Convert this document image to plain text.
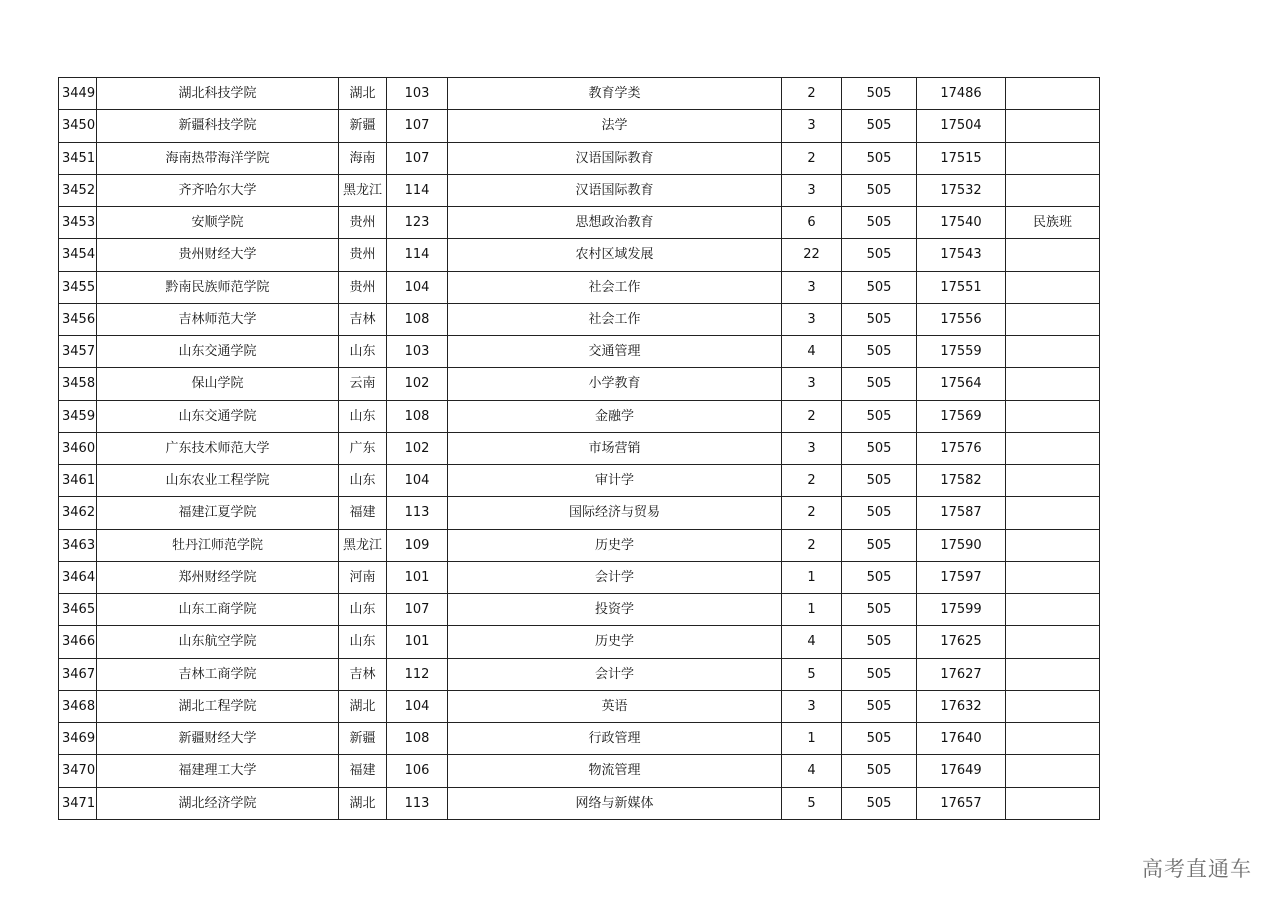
3449	湖北科技学院	湖北	103	教育学类	2	505	17486	
3450	新疆科技学院	新疆	107	法学	3	505	17504	
3451	海南热带海洋学院	海南	107	汉语国际教育	2	505	17515	
3452	齐齐哈尔大学	黑龙江	114	汉语国际教育	3	505	17532	
3453	安顺学院	贵州	123	思想政治教育	6	505	17540	民族班
3454	贵州财经大学	贵州	114	农村区域发展	22	505	17543	
3455	黔南民族师范学院	贵州	104	社会工作	3	505	17551	
3456	吉林师范大学	吉林	108	社会工作	3	505	17556	
3457	山东交通学院	山东	103	交通管理	4	505	17559	
3458	保山学院	云南	102	小学教育	3	505	17564	
3459	山东交通学院	山东	108	金融学	2	505	17569	
3460	广东技术师范大学	广东	102	市场营销	3	505	17576	
3461	山东农业工程学院	山东	104	审计学	2	505	17582	
3462	福建江夏学院	福建	113	国际经济与贸易	2	505	17587	
3463	牡丹江师范学院	黑龙江	109	历史学	2	505	17590	
3464	郑州财经学院	河南	101	会计学	1	505	17597	
3465	山东工商学院	山东	107	投资学	1	505	17599	
3466	山东航空学院	山东	101	历史学	4	505	17625	
3467	吉林工商学院	吉林	112	会计学	5	505	17627	
3468	湖北工程学院	湖北	104	英语	3	505	17632	
3469	新疆财经大学	新疆	108	行政管理	1	505	17640	
3470	福建理工大学	福建	106	物流管理	4	505	17649	
3471	湖北经济学院	湖北	113	网络与新媒体	5	505	17657	
高考直通车
